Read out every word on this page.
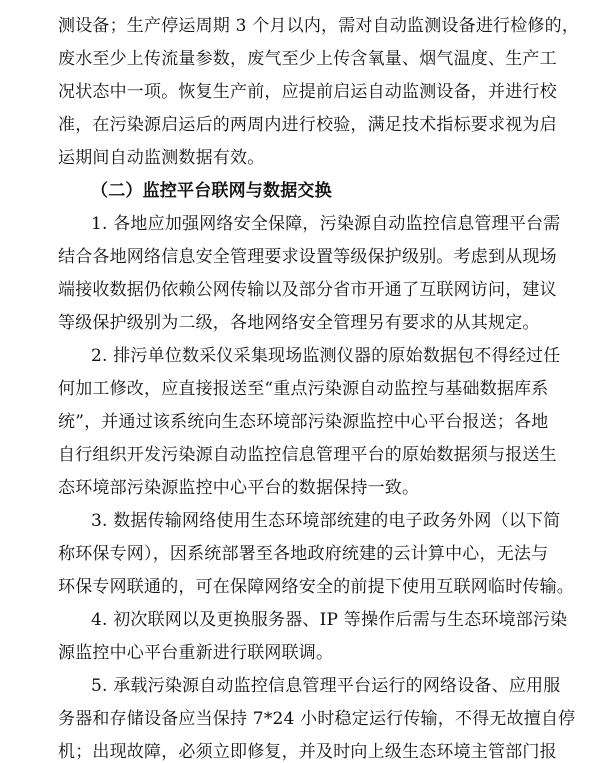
测设备；生产停运周期 3 个月以内，需对自动监测设备进行检修的，
废水至少上传流量参数，废气至少上传含氧量、烟气温度、生产工
况状态中一项。恢复生产前，应提前启运自动监测设备，并进行校
准，在污染源启运后的两周内进行校验，满足技术指标要求视为启
运期间自动监测数据有效。
（二）监控平台联网与数据交换
1. 各地应加强网络安全保障，污染源自动监控信息管理平台需
结合各地网络信息安全管理要求设置等级保护级别。考虑到从现场
端接收数据仍依赖公网传输以及部分省市开通了互联网访问，建议
等级保护级别为二级，各地网络安全管理另有要求的从其规定。
2. 排污单位数采仪采集现场监测仪器的原始数据包不得经过任
何加工修改，应直接报送至“重点污染源自动监控与基础数据库系
统”，并通过该系统向生态环境部污染源监控中心平台报送；各地
自行组织开发污染源自动监控信息管理平台的原始数据须与报送生
态环境部污染源监控中心平台的数据保持一致。
3. 数据传输网络使用生态环境部统建的电子政务外网（以下简
称环保专网），因系统部署至各地政府统建的云计算中心，无法与
环保专网联通的，可在保障网络安全的前提下使用互联网临时传输。
4. 初次联网以及更换服务器、IP 等操作后需与生态环境部污染
源监控中心平台重新进行联网联调。
5. 承载污染源自动监控信息管理平台运行的网络设备、应用服
务器和存储设备应当保持 7*24 小时稳定运行传输，不得无故擅自停
机；出现故障，必须立即修复，并及时向上级生态环境主管部门报
